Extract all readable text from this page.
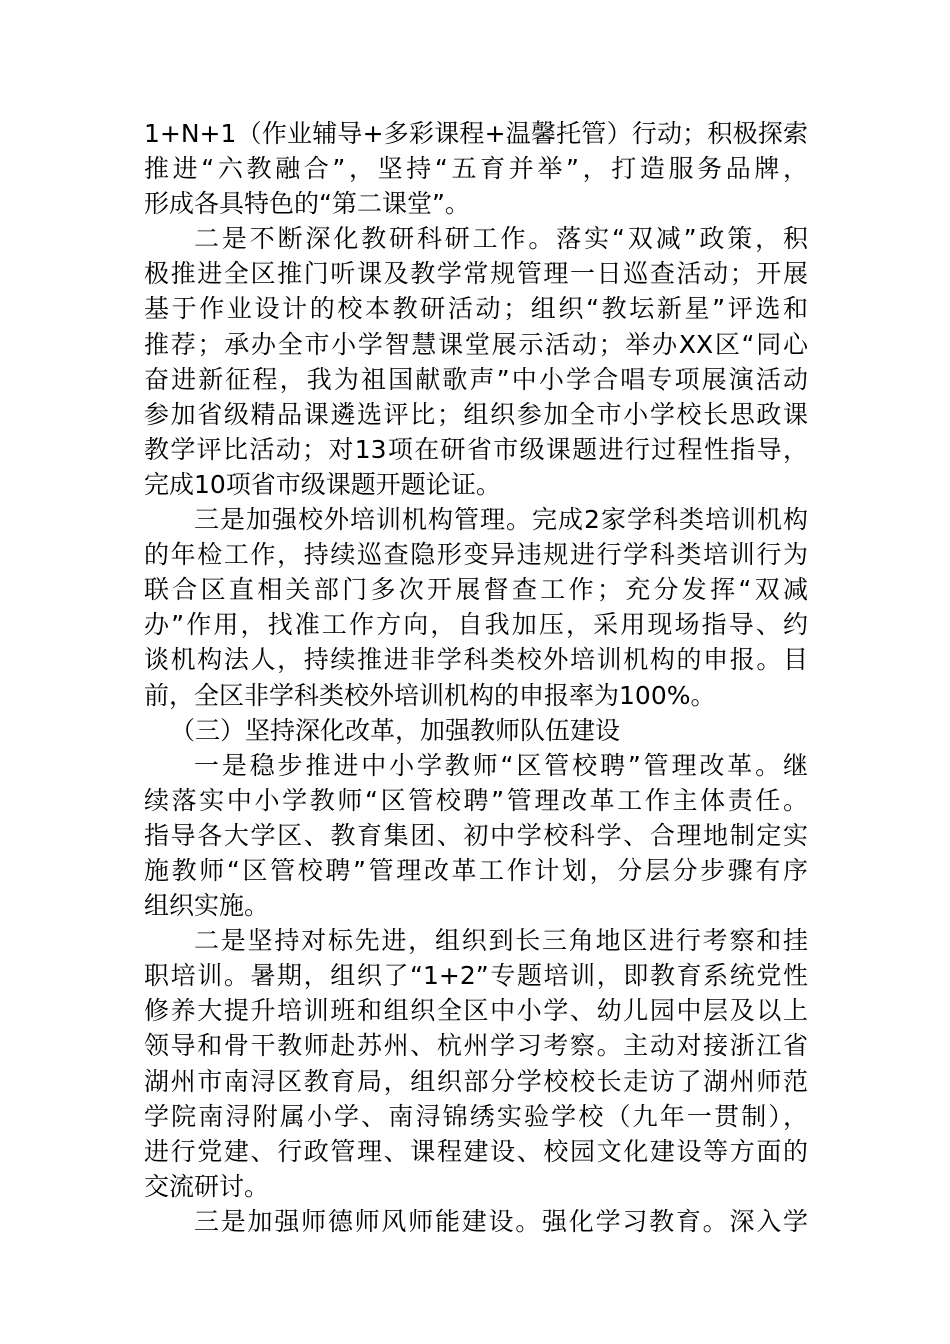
1+N+1（作业辅导+多彩课程+温馨托管）行动；积极探索
推进“六教融合”，坚持“五育并举”，打造服务品牌，
形成各具特色的“第二课堂”。
二是不断深化教研科研工作。落实“双减”政策，积
极推进全区推门听课及教学常规管理一日巡查活动；开展
基于作业设计的校本教研活动；组织“教坛新星”评选和
推荐；承办全市小学智慧课堂展示活动；举办XX区“同心
奋进新征程，我为祖国献歌声”中小学合唱专项展演活动
参加省级精品课遴选评比；组织参加全市小学校长思政课
教学评比活动；对13项在研省市级课题进行过程性指导，
完成10项省市级课题开题论证。
三是加强校外培训机构管理。完成2家学科类培训机构
的年检工作，持续巡查隐形变异违规进行学科类培训行为
联合区直相关部门多次开展督查工作；充分发挥“双减
办”作用，找准工作方向，自我加压，采用现场指导、约
谈机构法人，持续推进非学科类校外培训机构的申报。目
前，全区非学科类校外培训机构的申报率为100%。
（三）坚持深化改革，加强教师队伍建设
一是稳步推进中小学教师“区管校聘”管理改革。继
续落实中小学教师“区管校聘”管理改革工作主体责任。
指导各大学区、教育集团、初中学校科学、合理地制定实
施教师“区管校聘”管理改革工作计划，分层分步骤有序
组织实施。
二是坚持对标先进，组织到长三角地区进行考察和挂
职培训。暑期，组织了“1+2”专题培训，即教育系统党性
修养大提升培训班和组织全区中小学、幼儿园中层及以上
领导和骨干教师赴苏州、杭州学习考察。主动对接浙江省
湖州市南浔区教育局，组织部分学校校长走访了湖州师范
学院南浔附属小学、南浔锦绣实验学校（九年一贯制），
进行党建、行政管理、课程建设、校园文化建设等方面的
交流研讨。
三是加强师德师风师能建设。强化学习教育。深入学
